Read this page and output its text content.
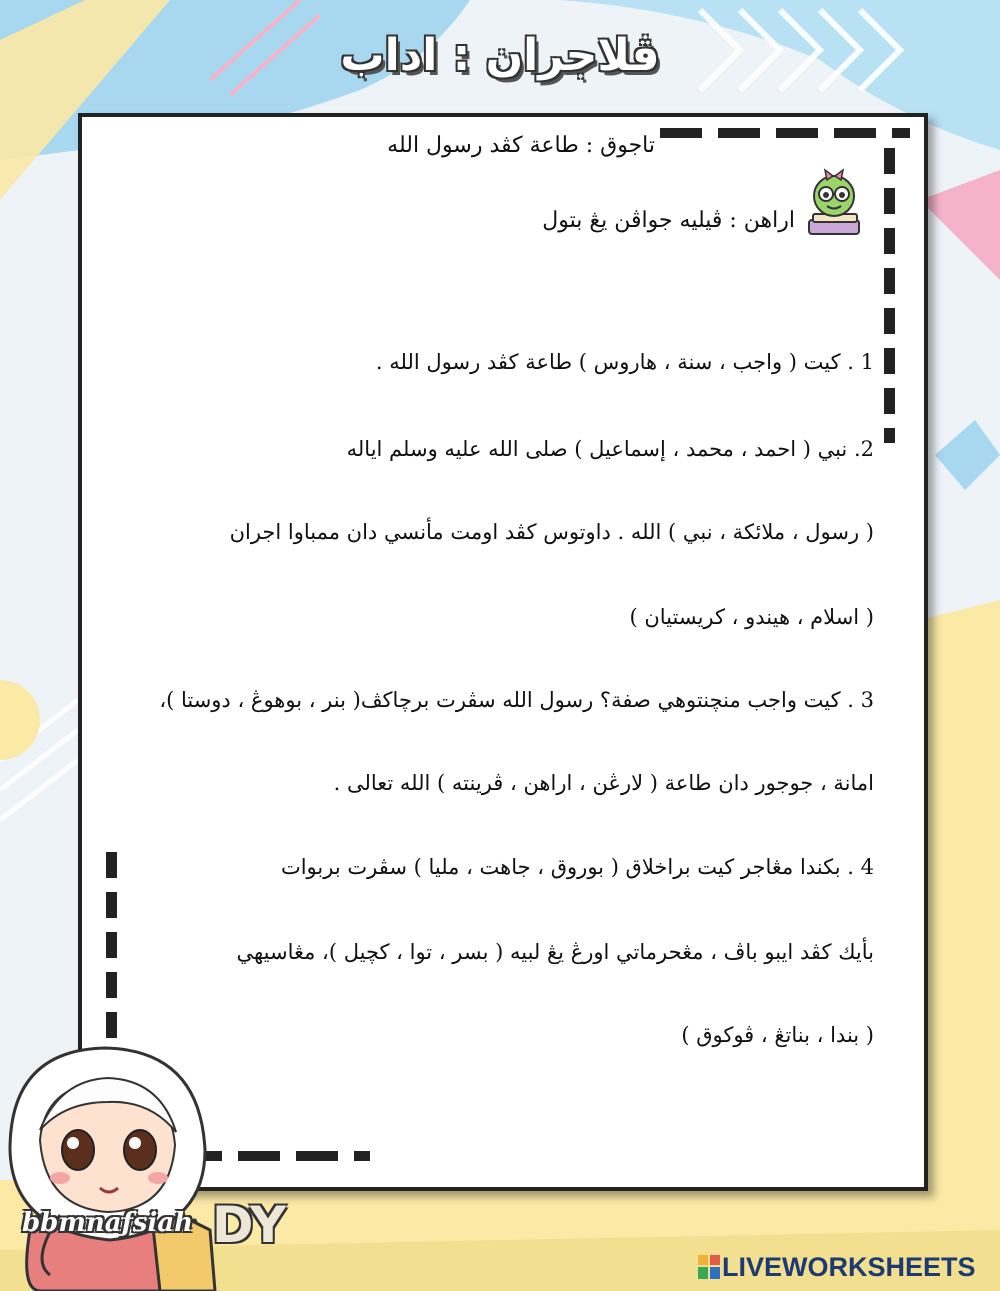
ڤلاجران : اداب
تاجوق : طاعة كڤد رسول الله
اراهن : ڤيليه جواڤن يڠ بتول
1 . كيت ( واجب ، سنة ، هاروس ) طاعة كڤد رسول الله .
2. نبي ( احمد ، محمد ، إسماعيل ) صلى الله عليه وسلم اياله
( رسول ، ملائكة ، نبي ) الله . داوتوس كڤد اومت مأنسي دان ممباوا اجران
( اسلام ، هيندو ، كريستيان )
3 . كيت واجب منچنتوهي صفة؟ رسول الله سڤرت برچاكڤ( بنر ، بوهوڠ ، دوستا )،
امانة ، جوجور دان طاعة ( لارڠن ، اراهن ، ڤرينته ) الله تعالى .
4 . بكندا مڠاجر كيت براخلاق ( بوروق ، جاهت ، مليا ) سڤرت بربوات
بأيك كڤد ايبو باڤ ، مڠحرماتي اورڠ يڠ لبيه ( بسر ، توا ، كچيل )، مڠاسيهي
( بندا ، بناتڠ ، ڤوكوق )
bbmnafsiah DY
LIVEWORKSHEETS
